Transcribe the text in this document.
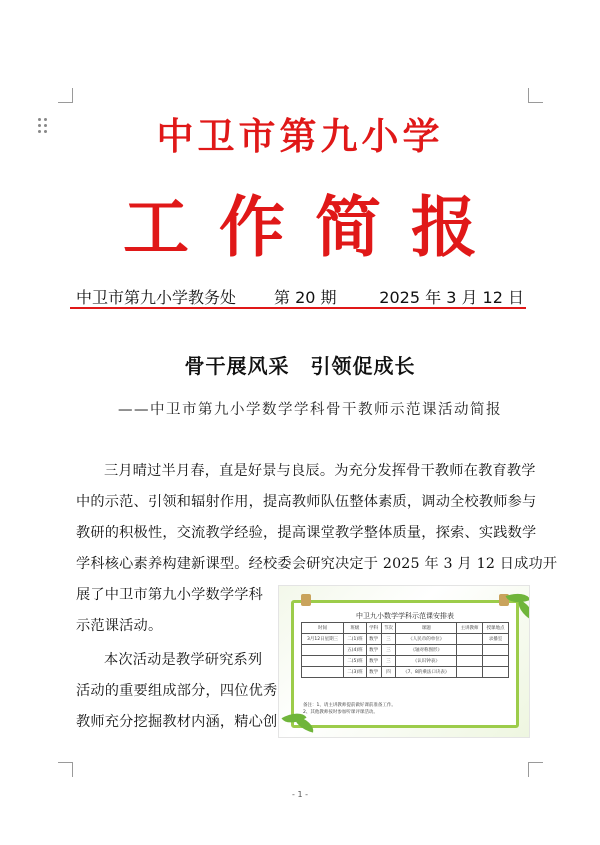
中卫市第九小学
工作简报
中卫市第九小学教务处 第 20 期	2025 年 3 月 12 日
骨干展风采　引领促成长
——中卫市第九小学数学学科骨干教师示范课活动简报
三月晴过半月春，直是好景与良辰。为充分发挥骨干教师在教育教学
中的示范、引领和辐射作用，提高教师队伍整体素质，调动全校教师参与
教研的积极性，交流教学经验，提高课堂教学整体质量，探索、实践数学
学科核心素养构建新课型。经校委会研究决定于 2025 年 3 月 12 日成功开
展了中卫市第九小学数学学科
示范课活动。
本次活动是教学研究系列
活动的重要组成部分，四位优秀
教师充分挖掘教材内涵，精心创
中卫九小数学学科示范课安排表
时间	班级	学科	节次	课题	主讲教师	授课地点
3月12日星期三	二(1)班	数学	三	《人民币的单位》		录播室
	五(4)班	数学	三	《轴对称图形》		
	二(5)班	数学	三	《认识钟表》		
	二(3)班	数学	四	《7、8的乘法口诀表》		
备注：1、请主讲教师提前做好课前准备工作。
2、其他教师按时参加听课评课活动。
- 1 -
